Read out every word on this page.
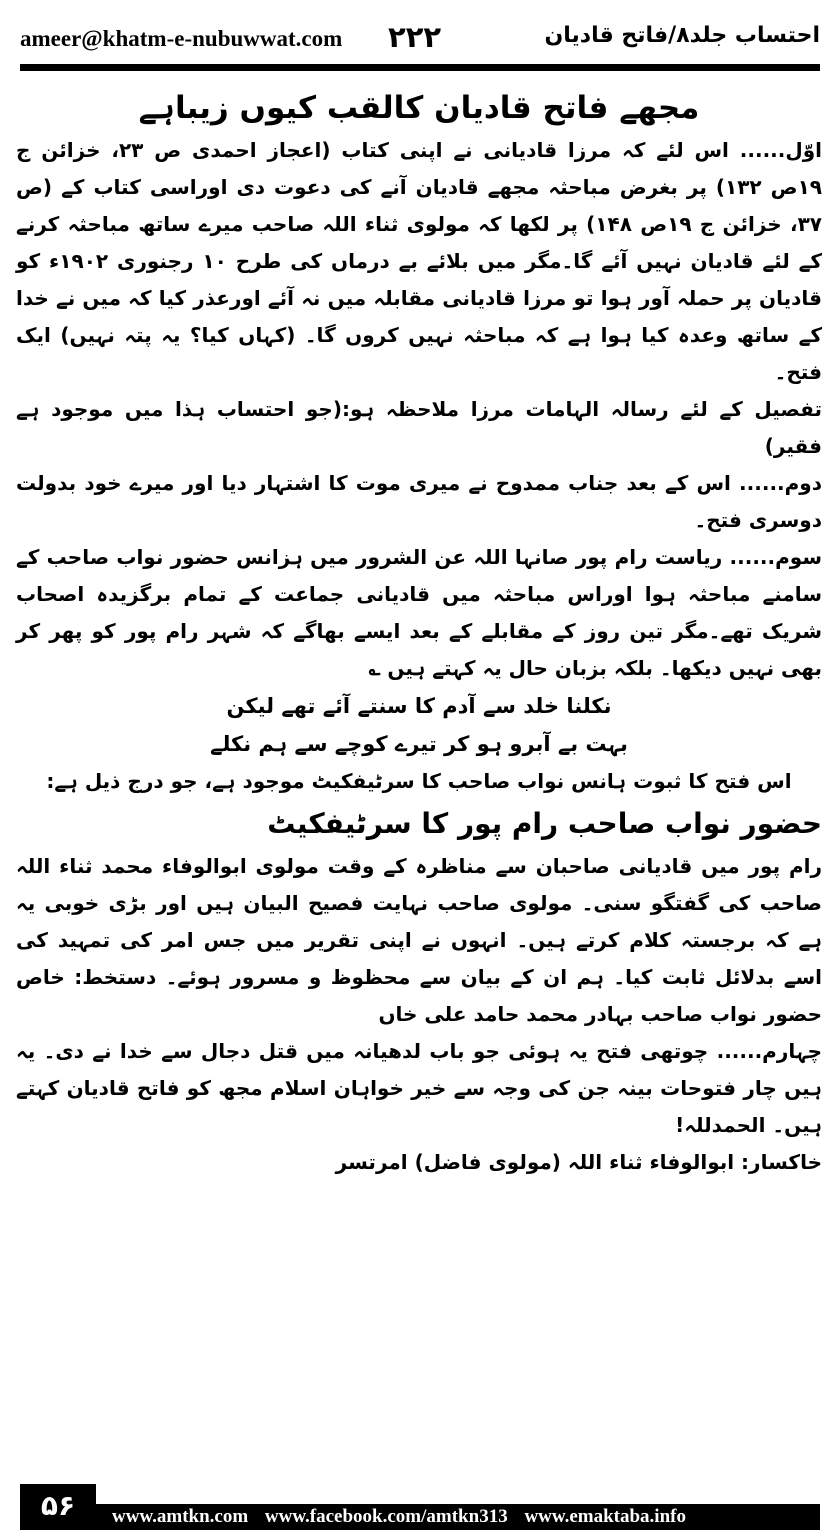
ameer@khatm-e-nubuwwat.com ۲۲۲	احتساب جلد۸/فاتح قادیان

مجھے فاتح قادیان کالقب کیوں زیباہے

اوّل...... اس لئے کہ مرزا قادیانی نے اپنی کتاب (اعجاز احمدی ص ۲۳، خزائن ج ۱۹ص ۱۳۲) پر بغرض مباحثہ مجھے قادیان آنے کی دعوت دی اوراسی کتاب کے (ص ۳۷، خزائن ج ۱۹ص ۱۴۸) پر لکھا کہ مولوی ثناء اللہ صاحب میرے ساتھ مباحثہ کرنے کے لئے قادیان نہیں آئے گا۔مگر میں بلائے بے درماں کی طرح ۱۰ رجنوری ۱۹۰۲ء کو قادیان پر حملہ آور ہوا تو مرزا قادیانی مقابلہ میں نہ آئے اورعذر کیا کہ میں نے خدا کے ساتھ وعدہ کیا ہوا ہے کہ مباحثہ نہیں کروں گا۔ (کہاں کیا؟ یہ پتہ نہیں) ایک فتح۔

تفصیل کے لئے رسالہ الہامات مرزا ملاحظہ ہو:(جو احتساب ہذا میں موجود ہے فقیر)

دوم...... اس کے بعد جناب ممدوح نے میری موت کا اشتہار دیا اور میرے خود بدولت دوسری فتح۔

سوم...... ریاست رام پور صانہا اللہ عن الشرور میں ہزانس حضور نواب صاحب کے سامنے مباحثہ ہوا اوراس مباحثہ میں قادیانی جماعت کے تمام برگزیدہ اصحاب شریک تھے۔مگر تین روز کے مقابلے کے بعد ایسے بھاگے کہ شہر رام پور کو پھر کر بھی نہیں دیکھا۔ بلکہ بزبان حال یہ کہتے ہیں ؎

نکلنا خلد سے آدم کا سنتے آئے تھے لیکن

بہت بے آبرو ہو کر تیرے کوچے سے ہم نکلے

اس فتح کا ثبوت ہانس نواب صاحب کا سرٹیفکیٹ موجود ہے، جو درج ذیل ہے:

حضور نواب صاحب رام پور کا سرٹیفکیٹ

رام پور میں قادیانی صاحبان سے مناظرہ کے وقت مولوی ابوالوفاء محمد ثناء اللہ صاحب کی گفتگو سنی۔ مولوی صاحب نہایت فصیح البیان ہیں اور بڑی خوبی یہ ہے کہ برجستہ کلام کرتے ہیں۔ انہوں نے اپنی تقریر میں جس امر کی تمہید کی اسے بدلائل ثابت کیا۔ ہم ان کے بیان سے محظوظ و مسرور ہوئے۔ دستخط: خاص حضور نواب صاحب بہادر محمد حامد علی خاں

چہارم...... چوتھی فتح یہ ہوئی جو باب لدھیانہ میں قتل دجال سے خدا نے دی۔ یہ ہیں چار فتوحات بینہ جن کی وجہ سے خیر خواہان اسلام مجھ کو فاتح قادیان کہتے ہیں۔ الحمدللہ!

خاکسار: ابوالوفاء ثناء اللہ (مولوی فاضل) امرتسر

۵۶	www.amtkn.com www.facebook.com/amtkn313 www.emaktaba.info
